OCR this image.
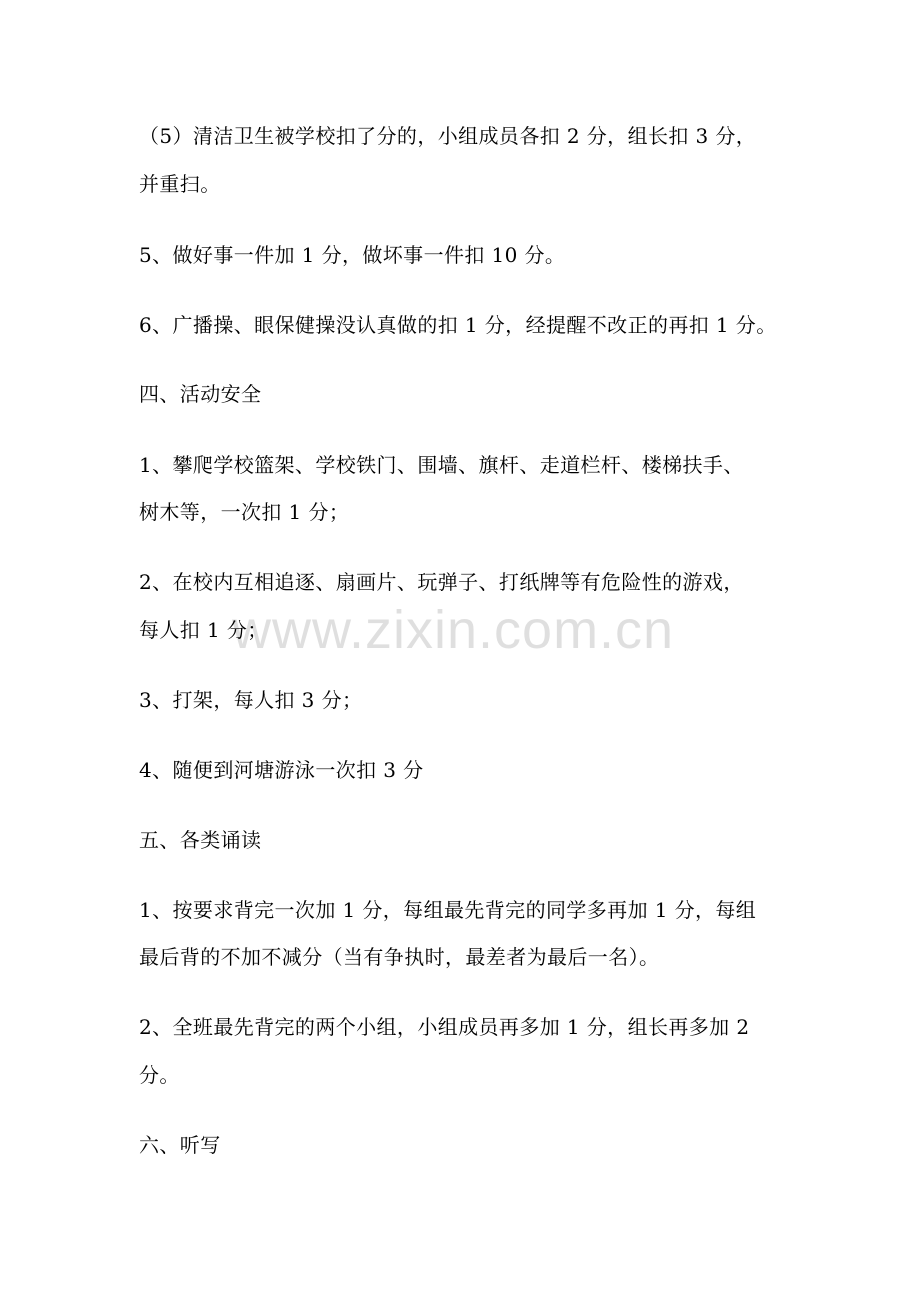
（5）清洁卫生被学校扣了分的，小组成员各扣 2 分，组长扣 3 分，
并重扫。
5、做好事一件加 1 分，做坏事一件扣 10 分。
6、广播操、眼保健操没认真做的扣 1 分，经提醒不改正的再扣 1 分。
四、活动安全
1、攀爬学校篮架、学校铁门、围墙、旗杆、走道栏杆、楼梯扶手、
树木等，一次扣 1 分；
2、在校内互相追逐、扇画片、玩弹子、打纸牌等有危险性的游戏，
每人扣 1 分；
3、打架，每人扣 3 分；
4、随便到河塘游泳一次扣 3 分
五、各类诵读
1、按要求背完一次加 1 分，每组最先背完的同学多再加 1 分，每组
最后背的不加不减分（当有争执时，最差者为最后一名）。
2、全班最先背完的两个小组，小组成员再多加 1 分，组长再多加 2
分。
六、听写
www.zixin.com.cn
